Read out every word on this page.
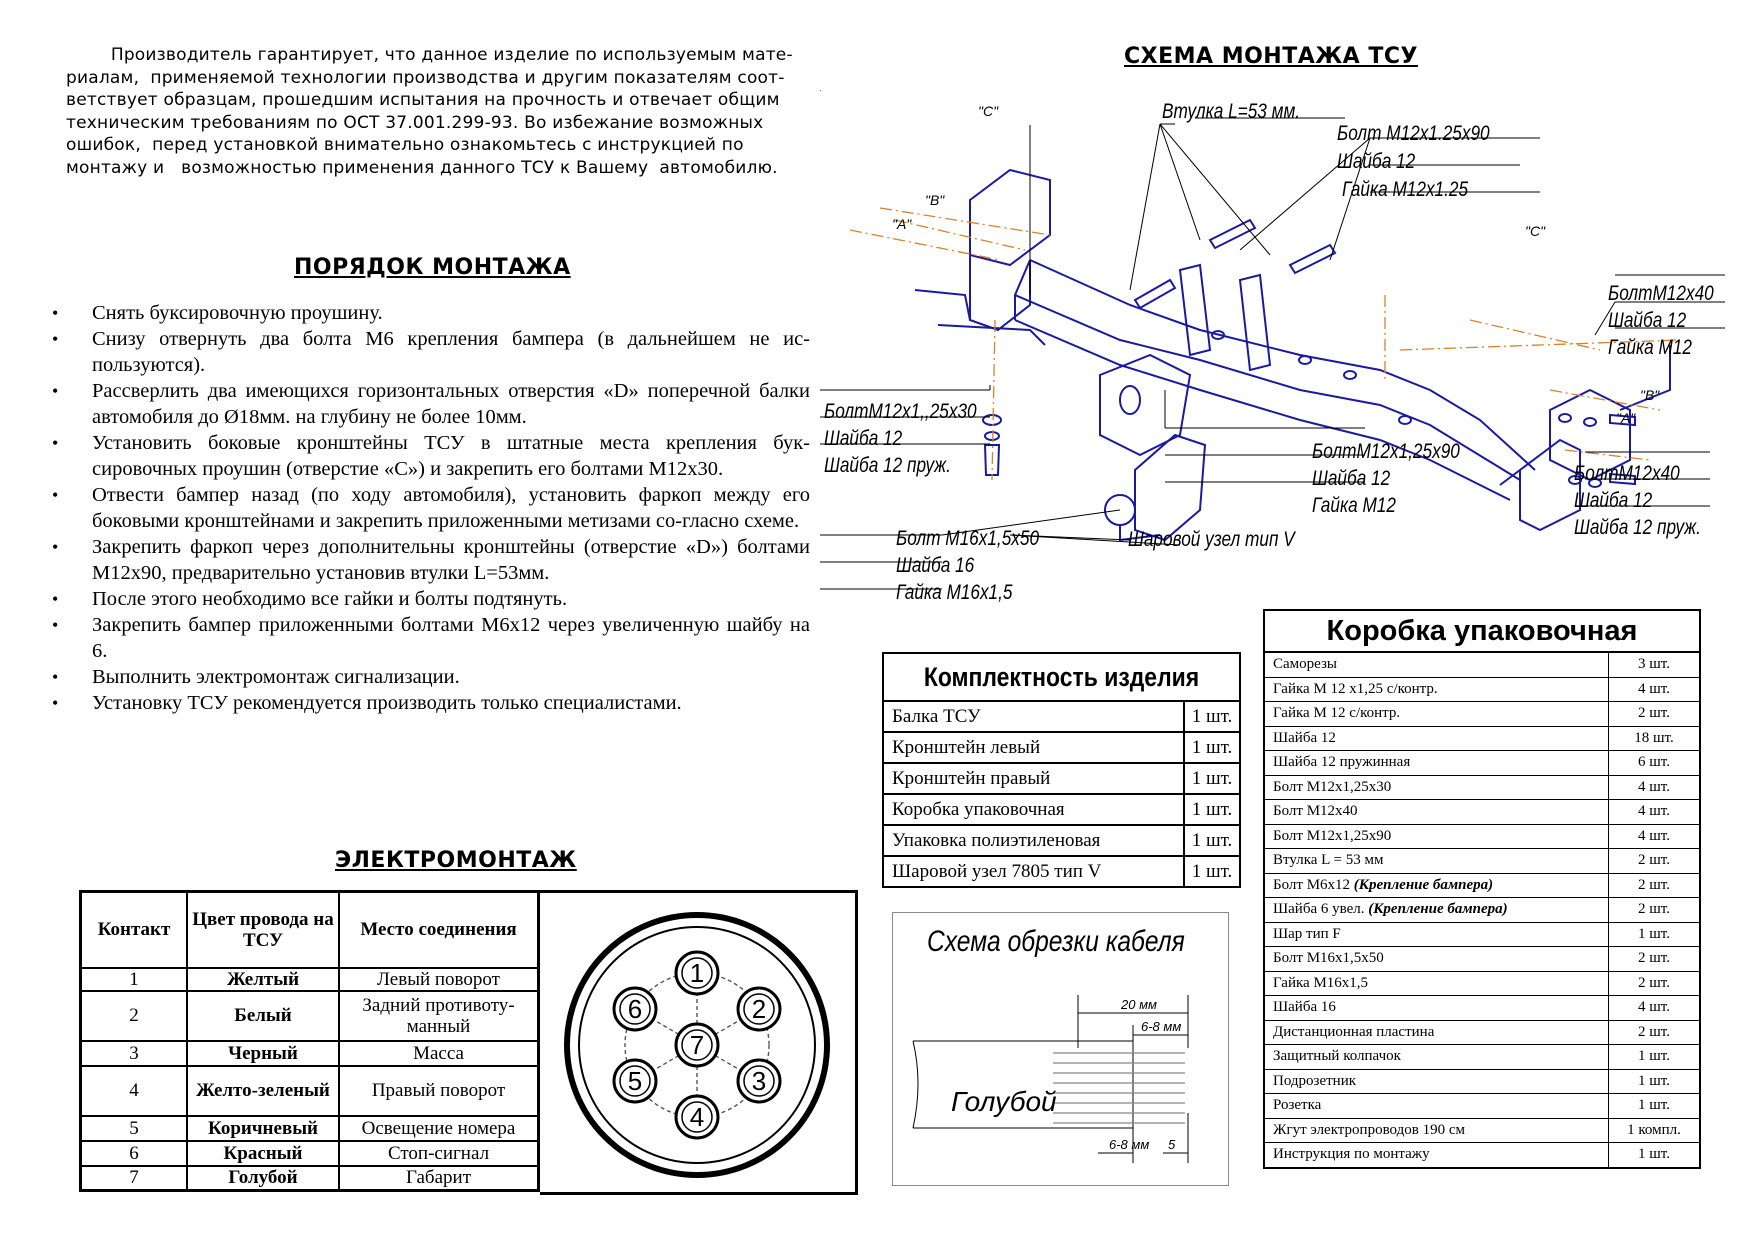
Производитель гарантирует, что данное изделие по используемым мате-
риалам,  применяемой технологии производства и другим показателям соот-
ветствует образцам, прошедшим испытания на прочность и отвечает общим
техническим требованиям по ОСТ 37.001.299-93. Во избежание возможных
ошибок,  перед установкой внимательно ознакомьтесь с инструкцией по
монтажу и   возможностью применения данного ТСУ к Вашему  автомобилю.
ПОРЯДОК МОНТАЖА
• Снять буксировочную проушину.
• Снизу отвернуть два болта М6 крепления бампера (в дальнейшем не ис-пользуются).
• Рассверлить два имеющихся горизонтальных отверстия «D» поперечной балки автомобиля до Ø18мм. на глубину не более 10мм.
• Установить боковые кронштейны ТСУ в штатные места крепления бук-сировочных проушин (отверстие «С») и закрепить его болтами М12х30.
• Отвести бампер назад (по ходу автомобиля), установить фаркоп между его боковыми кронштейнами и закрепить приложенными метизами со-гласно схеме.
• Закрепить фаркоп через дополнительны кронштейны (отверстие «D») болтами М12х90, предварительно установив втулки L=53мм.
• После этого необходимо все гайки и болты подтянуть.
• Закрепить бампер приложенными болтами М6х12 через увеличенную шайбу на 6.
• Выполнить электромонтаж сигнализации.
• Установку ТСУ рекомендуется производить только специалистами.
ЭЛЕКТРОМОНТАЖ
Контакт	Цвет провода на ТСУ	Место соединения
1	Желтый	Левый поворот
2	Белый	Задний противоту-манный
3	Черный	Масса
4	Желто-зеленый	Правый поворот
5	Коричневый	Освещение номера
6	Красный	Стоп-сигнал
7	Голубой	Габарит
1
2
3
4
5
6
7
СХЕМА МОНТАЖА ТСУ
"C"
"B"
"A"	"C"
"B"
"A"
Втулка L=53 мм.
Болт М12х1.25х90
Шайба 12
Гайка М12х1.25
БолтМ12х40
Шайба 12
Гайка М12
БолтМ12х1,,25х30
Шайба 12
Шайба 12 пруж.
БолтМ12х1,25х90
Шайба 12
Гайка М12
БолтМ12х40
Шайба 12
Шайба 12 пруж.
Болт М16х1,5х50
Шайба 16
Гайка М16х1,5
Шаровой узел тип V
Комплектность изделия	
Балка ТСУ	1 шт.
Кронштейн левый	1 шт.
Кронштейн правый	1 шт.
Коробка упаковочная	1 шт.
Упаковка полиэтиленовая	1 шт.
Шаровой узел 7805 тип V	1 шт.
Схема обрезки кабеля
20 мм
6-8 мм
6-8 мм 5
Голубой
Коробка упаковочная	
Саморезы	3 шт.
Гайка М 12 х1,25 с/контр.	4 шт.
Гайка М 12 с/контр.	2 шт.
Шайба 12	18 шт.
Шайба 12 пружинная	6 шт.
Болт М12х1,25х30	4 шт.
Болт М12х40	4 шт.
Болт М12х1,25х90	4 шт.
Втулка L = 53 мм	2 шт.
Болт М6х12 (Крепление бампера)	2 шт.
Шайба 6 увел. (Крепление бампера)	2 шт.
Шар тип F	1 шт.
Болт М16х1,5х50	2 шт.
Гайка М16х1,5	2 шт.
Шайба 16	4 шт.
Дистанционная пластина	2 шт.
Защитный колпачок	1 шт.
Подрозетник	1 шт.
Розетка	1 шт.
Жгут электропроводов 190 см	1 компл.
Инструкция по монтажу	1 шт.
